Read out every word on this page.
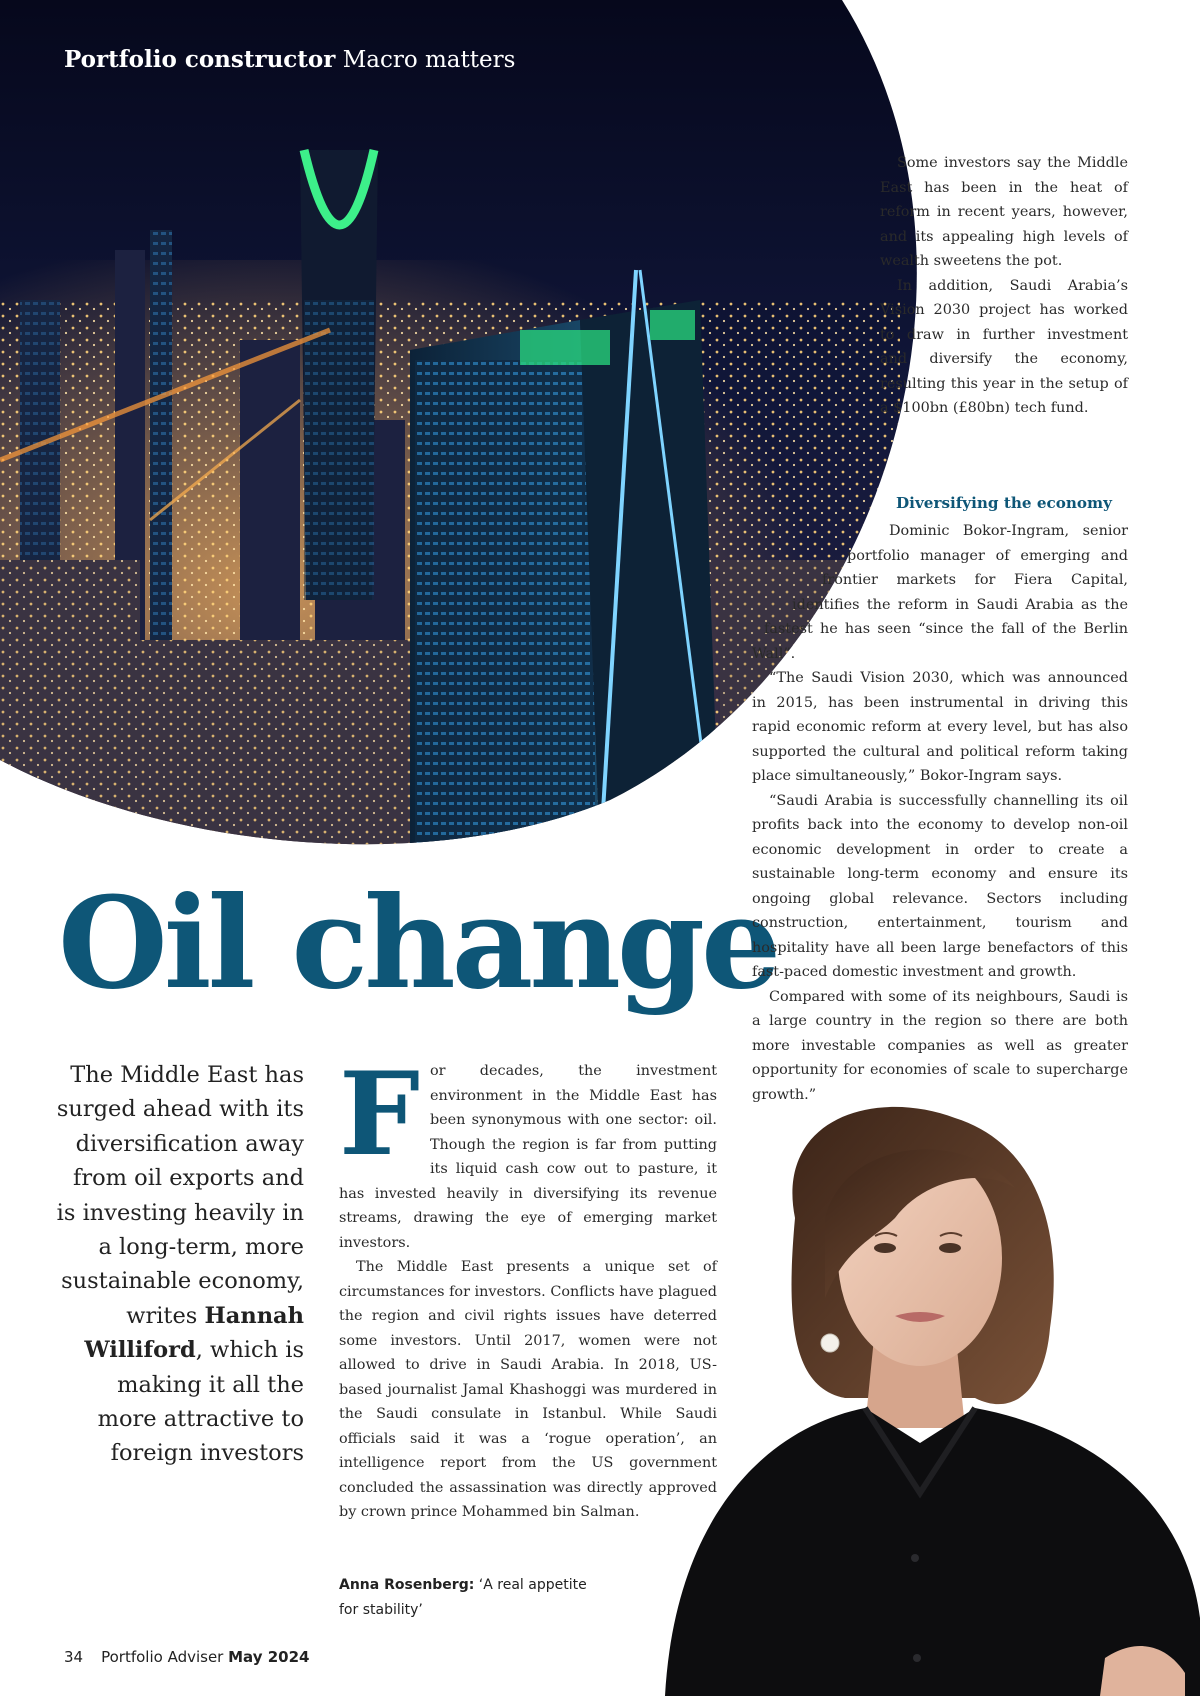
Portfolio constructor Macro matters
Oil change
The Middle East has surged ahead with its diversification away from oil exports and is investing heavily in a long-term, more sustainable economy, writes Hannah Williford, which is making it all the more attractive to foreign investors
F or decades, the investment environment in the Middle East has been synonymous with one sector: oil. Though the region is far from putting its liquid cash cow out to pasture, it has invested heavily in diversifying its revenue streams, drawing the eye of emerging market investors.

The Middle East presents a unique set of circumstances for investors. Conflicts have plagued the region and civil rights issues have deterred some investors. Until 2017, women were not allowed to drive in Saudi Arabia. In 2018, US-based journalist Jamal Khashoggi was murdered in the Saudi consulate in Istanbul. While Saudi officials said it was a ‘rogue operation’, an intelligence report from the US government concluded the assassination was directly approved by crown prince Mohammed bin Salman.

Some investors say the Middle East has been in the heat of reform in recent years, however, and its appealing high levels of wealth sweetens the pot.

In addition, Saudi Arabia’s Vision 2030 project has worked to draw in further investment and diversify the economy, resulting this year in the setup of a $100bn (£80bn) tech fund.

Diversifying the economy

Dominic Bokor-Ingram, senior portfolio manager of emerging and frontier markets for Fiera Capital, identifies the reform in Saudi Arabia as the fastest he has seen “since the fall of the Berlin Wall”.

“The Saudi Vision 2030, which was announced in 2015, has been instrumental in driving this rapid economic reform at every level, but has also supported the cultural and political reform taking place simultaneously,” Bokor-Ingram says.

“Saudi Arabia is successfully channelling its oil profits back into the economy to develop non-oil economic development in order to create a sustainable long-term economy and ensure its ongoing global relevance. Sectors including construction, entertainment, tourism and hospitality have all been large benefactors of this fast-paced domestic investment and growth.

Compared with some of its neighbours, Saudi is a large country in the region so there are both more investable companies as well as greater opportunity for economies of scale to supercharge growth.”

Anna Rosenberg: ‘A real appetite for stability’
34 Portfolio Adviser May 2024
